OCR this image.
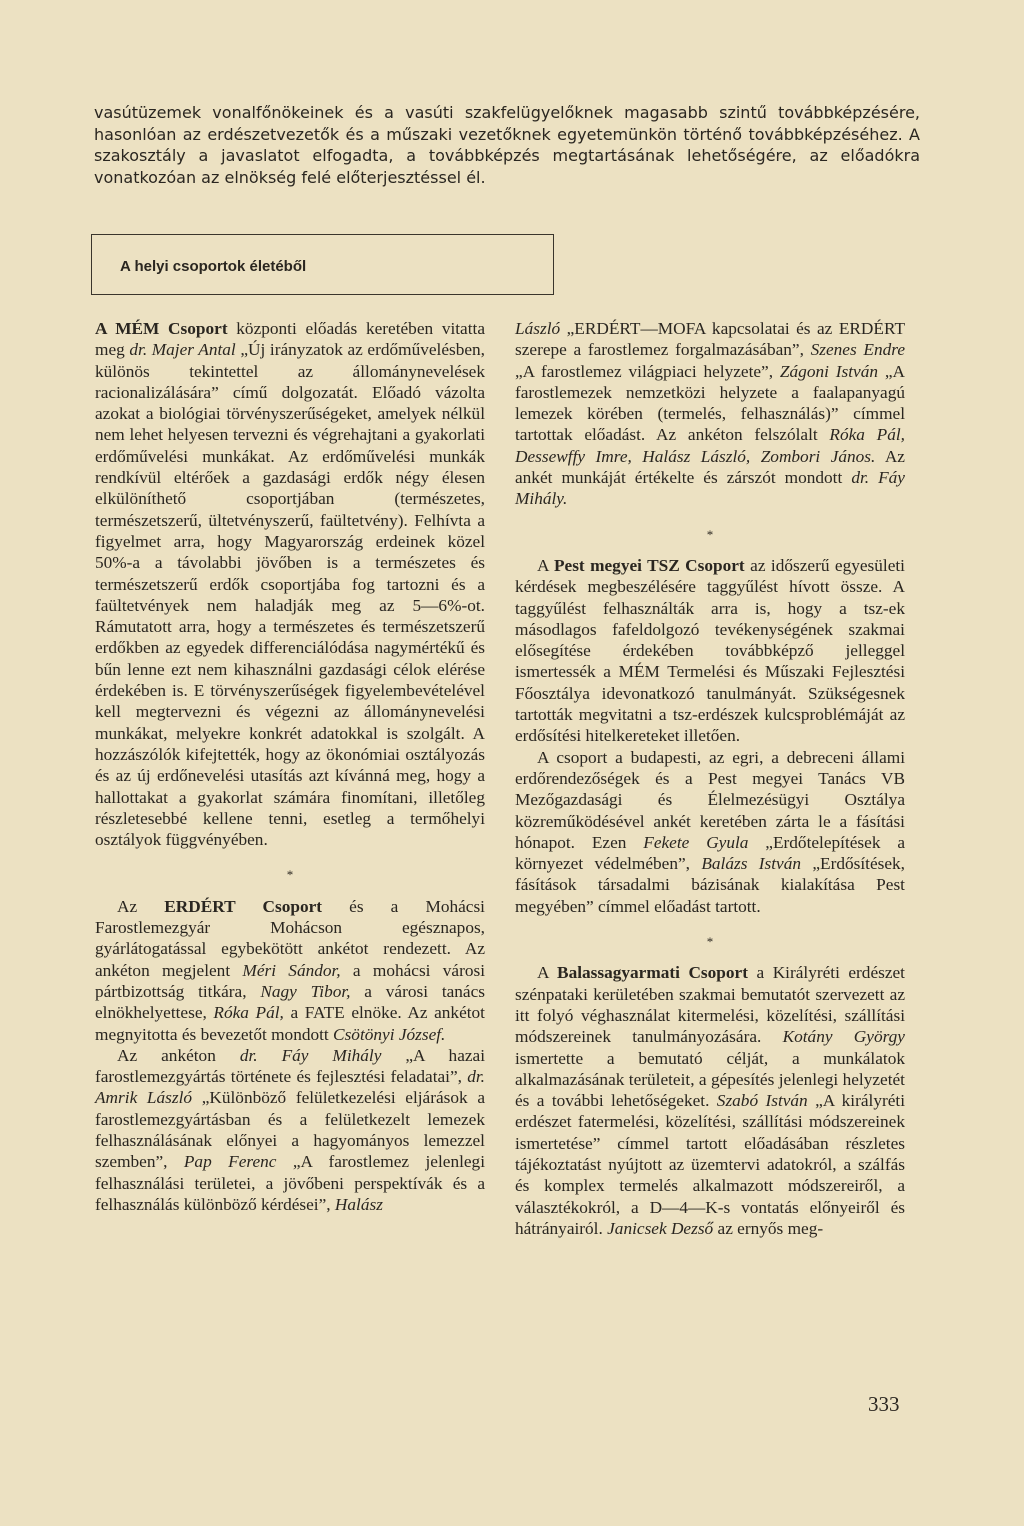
vasútüzemek vonalfőnökeinek és a vasúti szakfelügyelőknek magasabb szintű továbbképzésére, hasonlóan az erdészetvezetők és a műszaki vezetőknek egyetemünkön történő továbbképzéséhez. A szakosztály a javaslatot elfogadta, a továbbképzés megtartásának lehetőségére, az előadókra vonatkozóan az elnökség felé előterjesztéssel él.

A helyi csoportok életéből

A MÉM Csoport központi előadás keretében vitatta meg dr. Majer Antal „Új irányzatok az erdőművelésben, különös tekintettel az állománynevelések racionalizálására” című dolgozatát. Előadó vázolta azokat a biológiai törvényszerűségeket, amelyek nélkül nem lehet helyesen tervezni és végrehajtani a gyakorlati erdőművelési munkákat. Az erdőművelési munkák rendkívül eltérőek a gazdasági erdők négy élesen elkülöníthető csoportjában (természetes, természetszerű, ültetvényszerű, faültetvény). Felhívta a figyelmet arra, hogy Magyarország erdeinek közel 50%-a a távolabbi jövőben is a természetes és természetszerű erdők csoportjába fog tartozni és a faültetvények nem haladják meg az 5—6%-ot. Rámutatott arra, hogy a természetes és természetszerű erdőkben az egyedek differenciálódása nagymértékű és bűn lenne ezt nem kihasználni gazdasági célok elérése érdekében is. E törvényszerűségek figyelembevételével kell megtervezni és végezni az állománynevelési munkákat, melyekre konkrét adatokkal is szolgált. A hozzászólók kifejtették, hogy az ökonómiai osztályozás és az új erdőnevelési utasítás azt kívánná meg, hogy a hallottakat a gyakorlat számára finomítani, illetőleg részletesebbé kellene tenni, esetleg a termőhelyi osztályok függvényében.

*

Az ERDÉRT Csoport és a Mohácsi Farostlemezgyár Mohácson egésznapos, gyárlátogatással egybekötött ankétot rendezett. Az ankéton megjelent Méri Sándor, a mohácsi városi pártbizottság titkára, Nagy Tibor, a városi tanács elnökhelyettese, Róka Pál, a FATE elnöke. Az ankétot megnyitotta és bevezetőt mondott Csötönyi József.

Az ankéton dr. Fáy Mihály „A hazai farostlemezgyártás története és fejlesztési feladatai”, dr. Amrik László „Különböző felületkezelési eljárások a farostlemezgyártásban és a felületkezelt lemezek felhasználásának előnyei a hagyományos lemezzel szemben”, Pap Ferenc „A farostlemez jelenlegi felhasználási területei, a jövőbeni perspektívák és a felhasználás különböző kérdései”, Halász

László „ERDÉRT—MOFA kapcsolatai és az ERDÉRT szerepe a farostlemez forgalmazásában”, Szenes Endre „A farostlemez világpiaci helyzete”, Zágoni István „A farostlemezek nemzetközi helyzete a faalapanyagú lemezek körében (termelés, felhasználás)” címmel tartottak előadást. Az ankéton felszólalt Róka Pál, Dessewffy Imre, Halász László, Zombori János. Az ankét munkáját értékelte és zárszót mondott dr. Fáy Mihály.

*

A Pest megyei TSZ Csoport az időszerű egyesületi kérdések megbeszélésére taggyűlést hívott össze. A taggyűlést felhasználták arra is, hogy a tsz-ek másodlagos fafeldolgozó tevékenységének szakmai elősegítése érdekében továbbképző jelleggel ismertessék a MÉM Termelési és Műszaki Fejlesztési Főosztálya idevonatkozó tanulmányát. Szükségesnek tartották megvitatni a tsz-erdészek kulcsproblémáját az erdősítési hitelkereteket illetően.

A csoport a budapesti, az egri, a debreceni állami erdőrendezőségek és a Pest megyei Tanács VB Mezőgazdasági és Élelmezésügyi Osztálya közreműködésével ankét keretében zárta le a fásítási hónapot. Ezen Fekete Gyula „Erdőtelepítések a környezet védelmében”, Balázs István „Erdősítések, fásítások társadalmi bázisának kialakítása Pest megyében” címmel előadást tartott.

*

A Balassagyarmati Csoport a Királyréti erdészet szénpataki kerületében szakmai bemutatót szervezett az itt folyó véghasználat kitermelési, közelítési, szállítási módszereinek tanulmányozására. Kotány György ismertette a bemutató célját, a munkálatok alkalmazásának területeit, a gépesítés jelenlegi helyzetét és a további lehetőségeket. Szabó István „A királyréti erdészet fatermelési, közelítési, szállítási módszereinek ismertetése” címmel tartott előadásában részletes tájékoztatást nyújtott az üzemtervi adatokról, a szálfás és komplex termelés alkalmazott módszereiről, a választékokról, a D—4—K-s vontatás előnyeiről és hátrányairól. Janicsek Dezső az ernyős meg-

333
